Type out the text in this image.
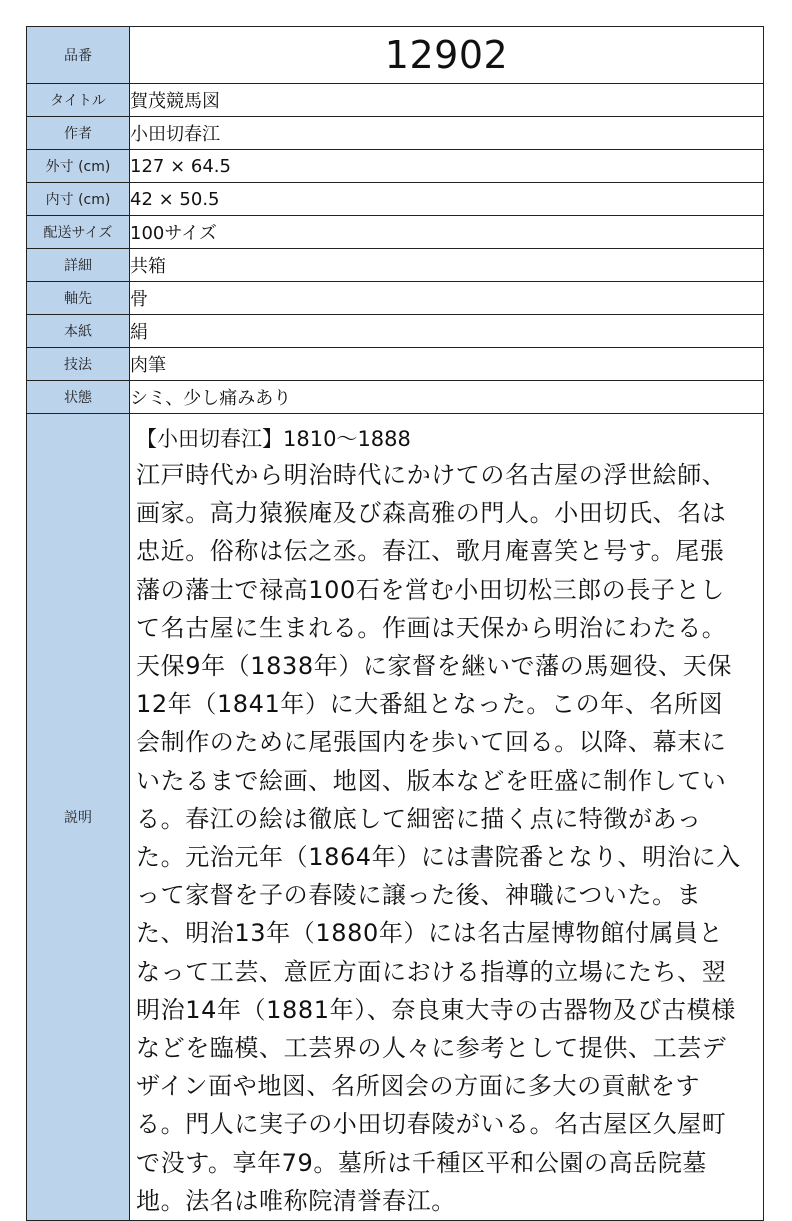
品番	12902
タイトル	賀茂競馬図
作者	小田切春江
外寸 (cm)	127 × 64.5
内寸 (cm)	42 × 50.5
配送サイズ	100サイズ
詳細	共箱
軸先	骨
本紙	絹
技法	肉筆
状態	シミ、少し痛みあり
説明	【小田切春江】1810～1888
江戸時代から明治時代にかけての名古屋の浮世絵師、画家。高力猿猴庵及び森高雅の門人。小田切氏、名は忠近。俗称は伝之丞。春江、歌月庵喜笑と号す。尾張藩の藩士で禄高100石を営む小田切松三郎の長子として名古屋に生まれる。作画は天保から明治にわたる。天保9年（1838年）に家督を継いで藩の馬廻役、天保12年（1841年）に大番組となった。この年、名所図会制作のために尾張国内を歩いて回る。以降、幕末にいたるまで絵画、地図、版本などを旺盛に制作している。春江の絵は徹底して細密に描く点に特徴があった。元治元年（1864年）には書院番となり、明治に入って家督を子の春陵に譲った後、神職についた。また、明治13年（1880年）には名古屋博物館付属員となって工芸、意匠方面における指導的立場にたち、翌明治14年（1881年）、奈良東大寺の古器物及び古模様などを臨模、工芸界の人々に参考として提供、工芸デザイン面や地図、名所図会の方面に多大の貢献をする。門人に実子の小田切春陵がいる。名古屋区久屋町で没す。享年79。墓所は千種区平和公園の高岳院墓地。法名は唯称院清誉春江。
